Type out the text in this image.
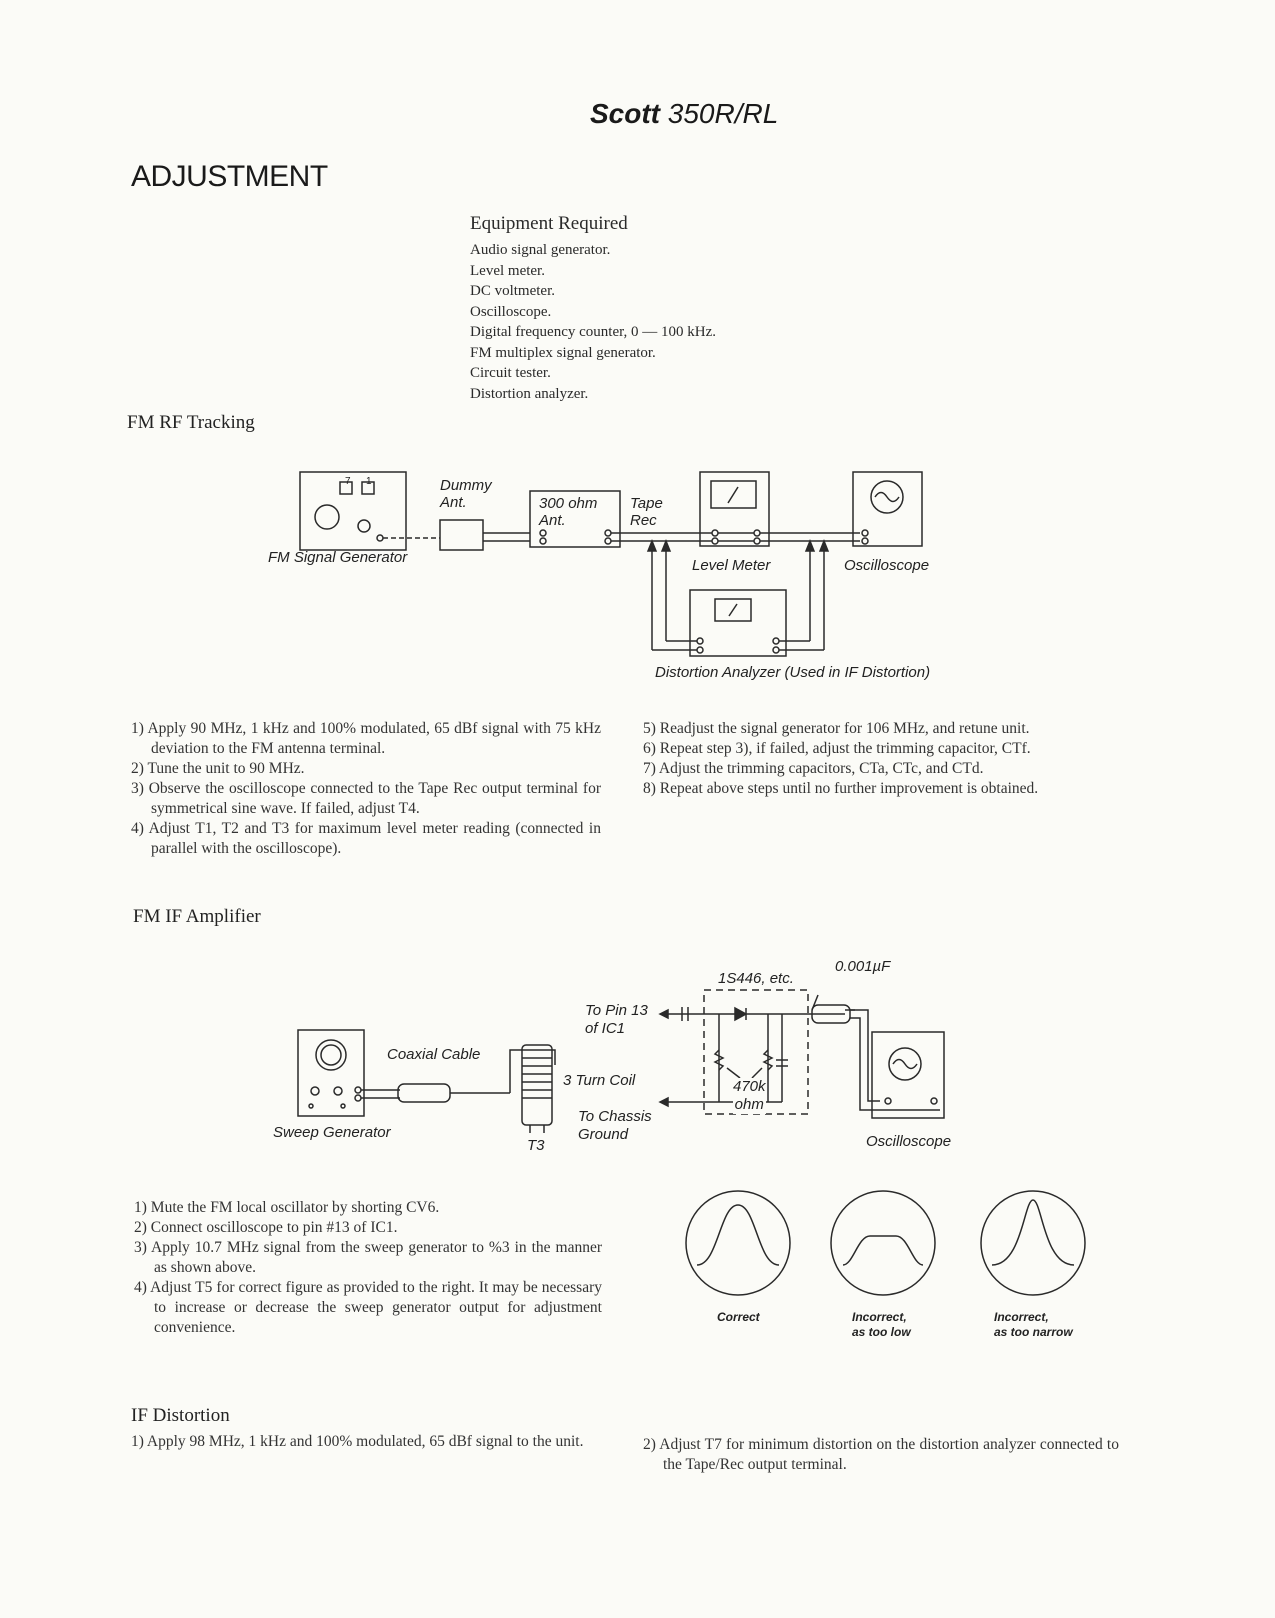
Scott 350R/RL
ADJUSTMENT
Equipment Required
Audio signal generator.
Level meter.
DC voltmeter.
Oscilloscope.
Digital frequency counter, 0 — 100 kHz.
FM multiplex signal generator.
Circuit tester.
Distortion analyzer.
FM RF Tracking
FM Signal Generator
7 1	Dummy
Ant.	300 ohm
Ant.
Tape
Rec
Level Meter	Oscilloscope
Distortion Analyzer (Used in IF Distortion)
1) Apply 90 MHz, 1 kHz and 100% modulated, 65 dBf signal with 75 kHz deviation to the FM antenna terminal.
2) Tune the unit to 90 MHz.
3) Observe the oscilloscope connected to the Tape Rec output terminal for symmetrical sine wave. If failed, adjust T4.
4) Adjust T1, T2 and T3 for maximum level meter reading (connected in parallel with the oscilloscope).
5) Readjust the signal generator for 106 MHz, and retune unit.
6) Repeat step 3), if failed, adjust the trimming capacitor, CTf.
7) Adjust the trimming capacitors, CTa, CTc, and CTd.
8) Repeat above steps until no further improvement is obtained.
FM IF Amplifier
1S446, etc.
0.001µF
To Pin 13
of IC1
Coaxial Cable
3 Turn Coil	470k
ohm
To Chassis
Ground
Sweep Generator
T3	Oscilloscope
1) Mute the FM local oscillator by shorting CV6.
2) Connect oscilloscope to pin #13 of IC1.
3) Apply 10.7 MHz signal from the sweep generator to %3 in the manner as shown above.
4) Adjust T5 for correct figure as provided to the right. It may be necessary to increase or decrease the sweep generator output for adjustment convenience.
Correct	Incorrect,
as too low
Incorrect,
as too narrow
IF Distortion
1) Apply 98 MHz, 1 kHz and 100% modulated, 65 dBf signal to the unit.	2) Adjust T7 for minimum distortion on the distortion analyzer connected to the Tape/Rec output terminal.
